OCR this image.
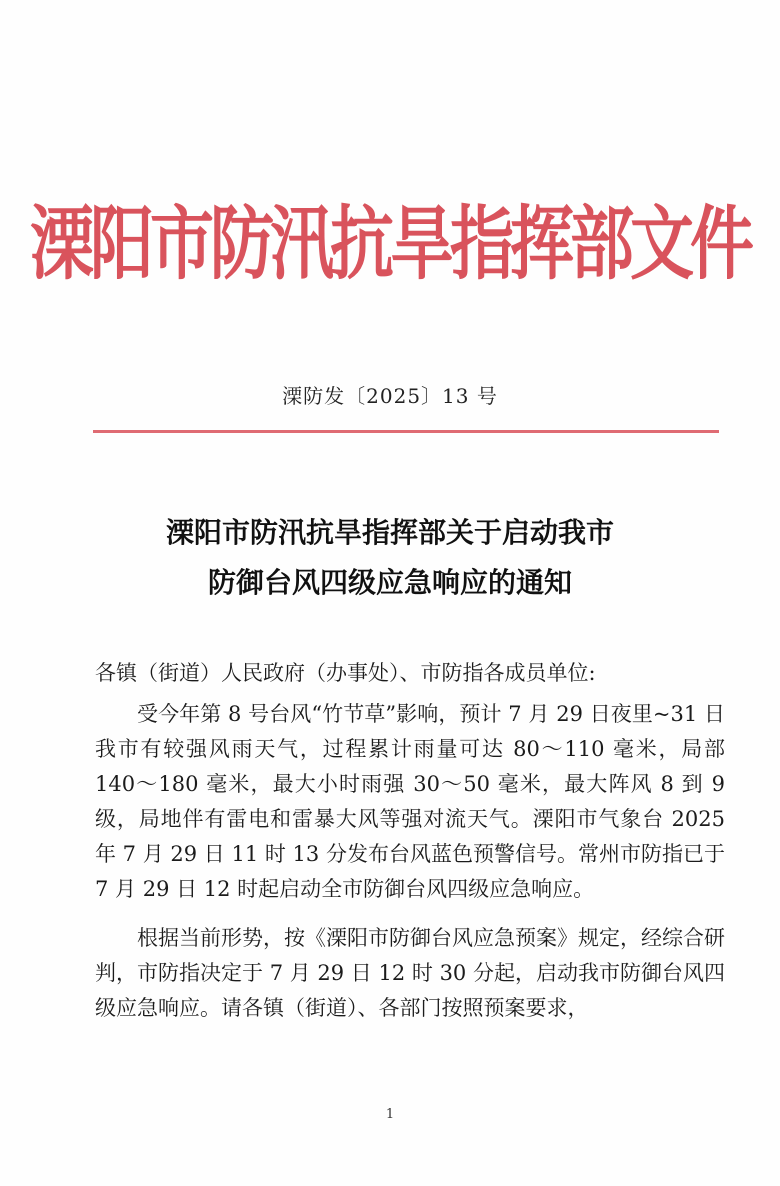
溧阳市防汛抗旱指挥部文件
溧防发〔2025〕13 号
溧阳市防汛抗旱指挥部关于启动我市
防御台风四级应急响应的通知
各镇（街道）人民政府（办事处）、市防指各成员单位:

受今年第 8 号台风“竹节草”影响，预计 7 月 29 日夜里~31 日我市有较强风雨天气，过程累计雨量可达 80～110 毫米，局部 140～180 毫米，最大小时雨强 30～50 毫米，最大阵风 8 到 9 级，局地伴有雷电和雷暴大风等强对流天气。溧阳市气象台 2025 年 7 月 29 日 11 时 13 分发布台风蓝色预警信号。常州市防指已于 7 月 29 日 12 时起启动全市防御台风四级应急响应。

根据当前形势，按《溧阳市防御台风应急预案》规定，经综合研判，市防指决定于 7 月 29 日 12 时 30 分起，启动我市防御台风四级应急响应。请各镇（街道）、各部门按照预案要求，

1
